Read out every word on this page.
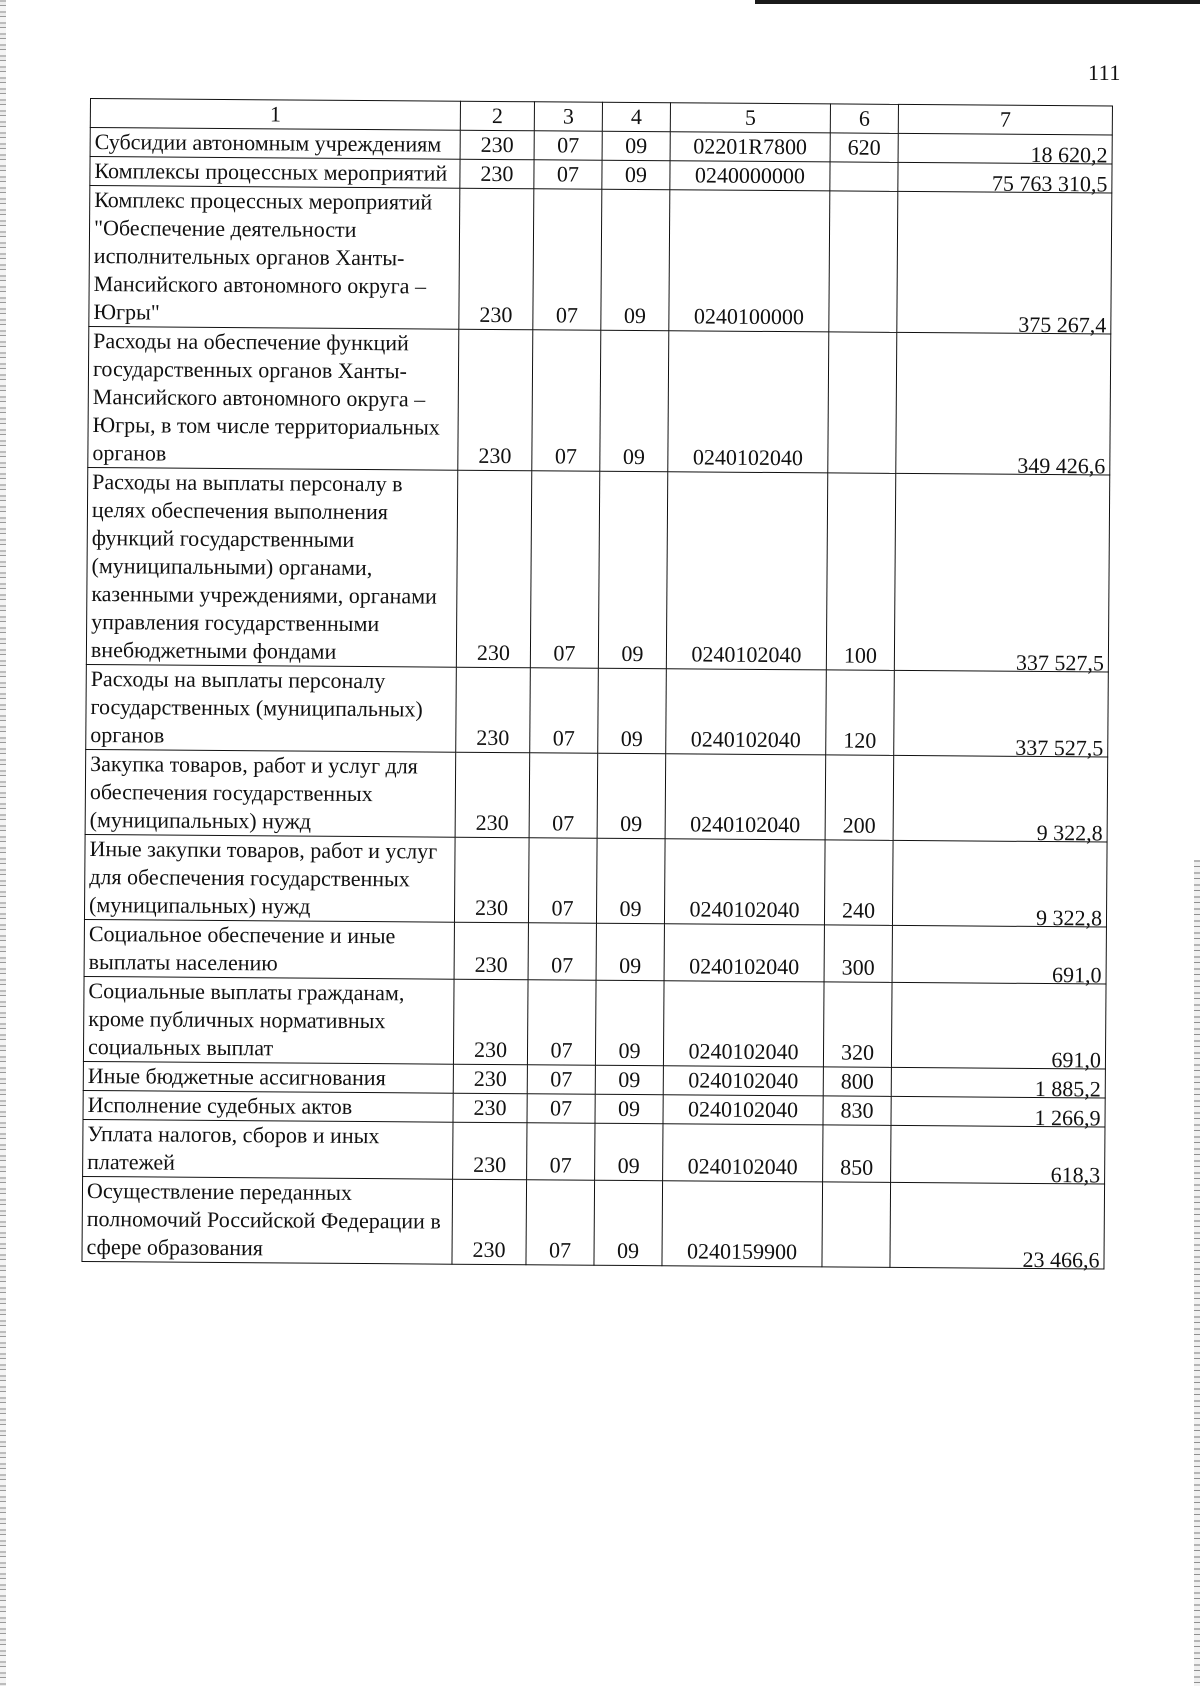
111
1	2	3	4	5	6	7
Субсидии автономным учреждениям	230	07	09	02201R7800	620	18 620,2
Комплексы процессных мероприятий	230	07	09	0240000000		75 763 310,5
Комплекс процессных мероприятий "Обеспечение деятельности исполнительных органов Ханты-Мансийского автономного округа – Югры"	230	07	09	0240100000		375 267,4
Расходы на обеспечение функций государственных органов Ханты-Мансийского автономного округа – Югры, в том числе территориальных органов	230	07	09	0240102040		349 426,6
Расходы на выплаты персоналу в целях обеспечения выполнения функций государственными (муниципальными) органами, казенными учреждениями, органами управления государственными внебюджетными фондами	230	07	09	0240102040	100	337 527,5
Расходы на выплаты персоналу государственных (муниципальных) органов	230	07	09	0240102040	120	337 527,5
Закупка товаров, работ и услуг для обеспечения государственных (муниципальных) нужд	230	07	09	0240102040	200	9 322,8
Иные закупки товаров, работ и услуг для обеспечения государственных (муниципальных) нужд	230	07	09	0240102040	240	9 322,8
Социальное обеспечение и иные выплаты населению	230	07	09	0240102040	300	691,0
Социальные выплаты гражданам, кроме публичных нормативных социальных выплат	230	07	09	0240102040	320	691,0
Иные бюджетные ассигнования	230	07	09	0240102040	800	1 885,2
Исполнение судебных актов	230	07	09	0240102040	830	1 266,9
Уплата налогов, сборов и иных платежей	230	07	09	0240102040	850	618,3
Осуществление переданных полномочий Российской Федерации в сфере образования	230	07	09	0240159900		23 466,6
